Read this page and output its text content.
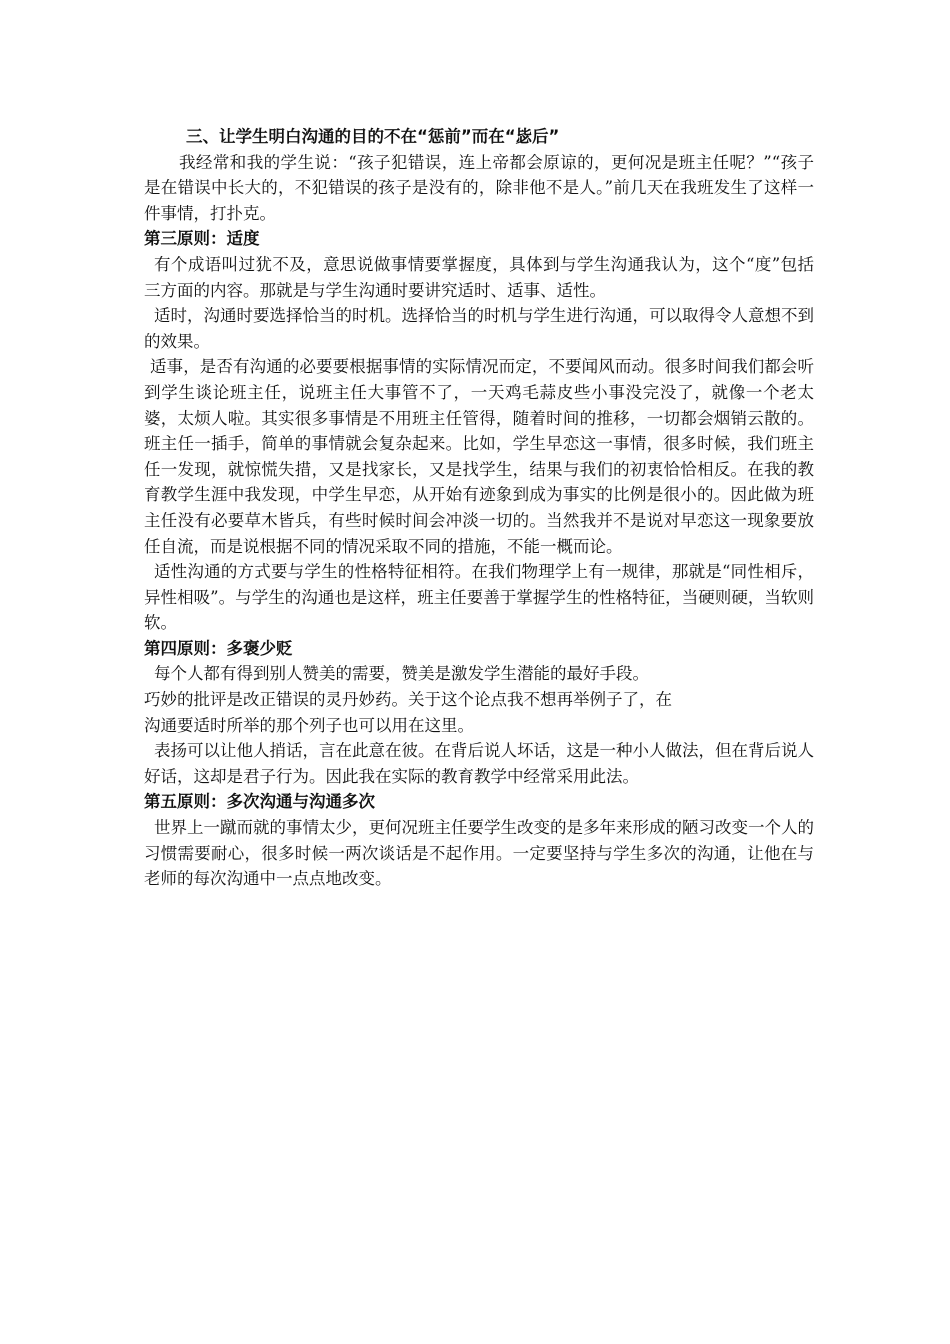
三、让学生明白沟通的目的不在“惩前”而在“毖后”

我经常和我的学生说：“孩子犯错误，连上帝都会原谅的，更何况是班主任呢？”“孩子是在错误中长大的，不犯错误的孩子是没有的，除非他不是人。”前几天在我班发生了这样一件事情，打扑克。

第三原则：适度

有个成语叫过犹不及，意思说做事情要掌握度，具体到与学生沟通我认为，这个“度”包括三方面的内容。那就是与学生沟通时要讲究适时、适事、适性。

适时，沟通时要选择恰当的时机。选择恰当的时机与学生进行沟通，可以取得令人意想不到的效果。

适事，是否有沟通的必要要根据事情的实际情况而定，不要闻风而动。很多时间我们都会听到学生谈论班主任，说班主任大事管不了，一天鸡毛蒜皮些小事没完没了，就像一个老太婆，太烦人啦。其实很多事情是不用班主任管得，随着时间的推移，一切都会烟销云散的。班主任一插手，简单的事情就会复杂起来。比如，学生早恋这一事情，很多时候，我们班主任一发现，就惊慌失措，又是找家长，又是找学生，结果与我们的初衷恰恰相反。在我的教育教学生涯中我发现，中学生早恋，从开始有迹象到成为事实的比例是很小的。因此做为班主任没有必要草木皆兵，有些时候时间会冲淡一切的。当然我并不是说对早恋这一现象要放任自流，而是说根据不同的情况采取不同的措施，不能一概而论。

适性沟通的方式要与学生的性格特征相符。在我们物理学上有一规律，那就是“同性相斥，异性相吸”。与学生的沟通也是这样，班主任要善于掌握学生的性格特征，当硬则硬，当软则软。

第四原则：多褒少贬

每个人都有得到别人赞美的需要，赞美是激发学生潜能的最好手段。

巧妙的批评是改正错误的灵丹妙药。关于这个论点我不想再举例子了，在

沟通要适时所举的那个列子也可以用在这里。

表扬可以让他人捎话，言在此意在彼。在背后说人坏话，这是一种小人做法，但在背后说人好话，这却是君子行为。因此我在实际的教育教学中经常采用此法。

第五原则：多次沟通与沟通多次

世界上一蹴而就的事情太少，更何况班主任要学生改变的是多年来形成的陋习改变一个人的习惯需要耐心，很多时候一两次谈话是不起作用。一定要坚持与学生多次的沟通，让他在与老师的每次沟通中一点点地改变。
